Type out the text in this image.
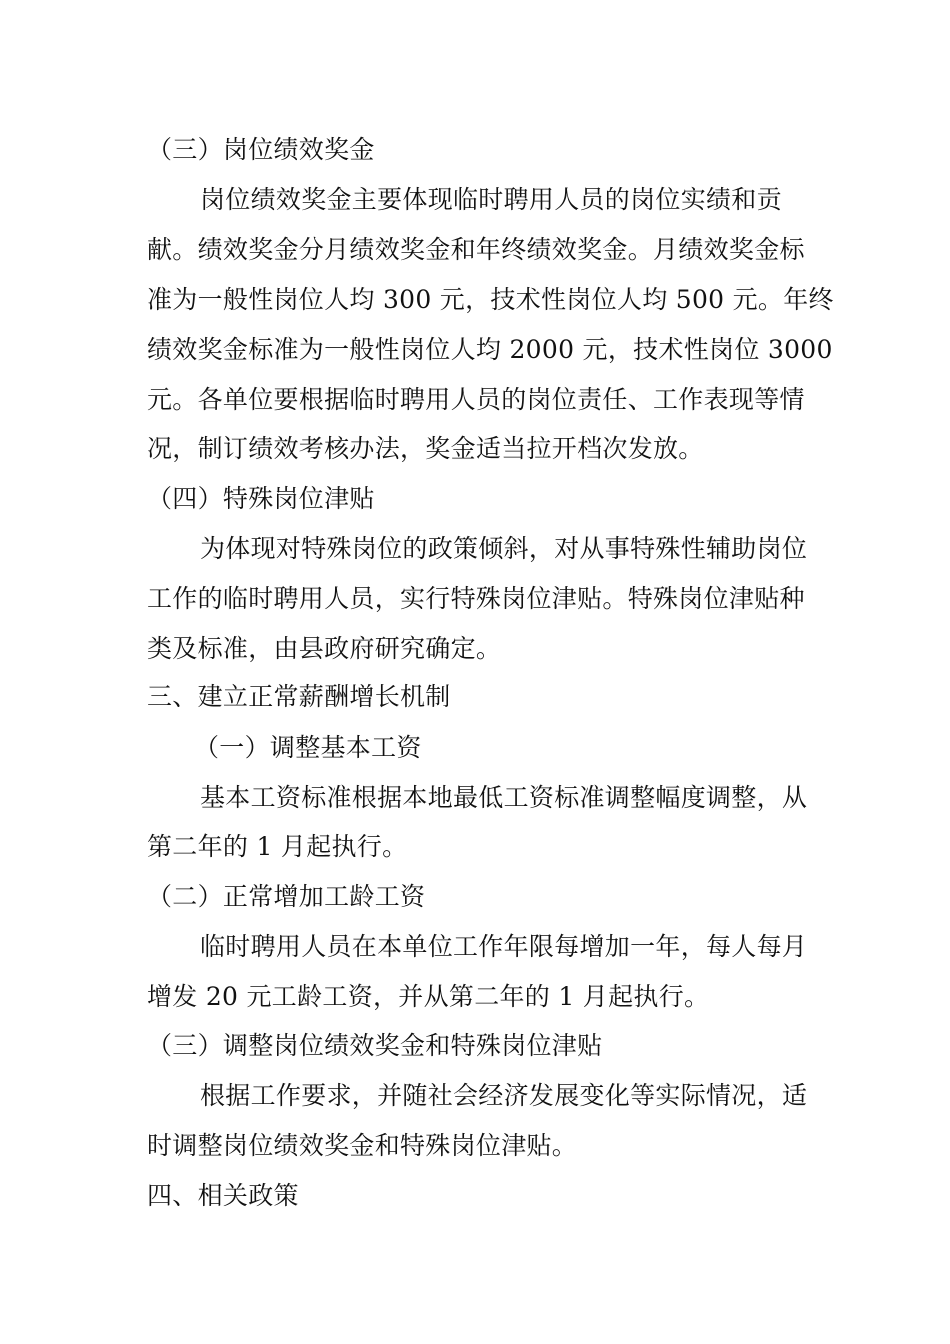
（三）岗位绩效奖金
岗位绩效奖金主要体现临时聘用人员的岗位实绩和贡
献。绩效奖金分月绩效奖金和年终绩效奖金。月绩效奖金标
准为一般性岗位人均 300 元，技术性岗位人均 500 元。年终
绩效奖金标准为一般性岗位人均 2000 元，技术性岗位 3000
元。各单位要根据临时聘用人员的岗位责任、工作表现等情
况，制订绩效考核办法，奖金适当拉开档次发放。
（四）特殊岗位津贴
为体现对特殊岗位的政策倾斜，对从事特殊性辅助岗位
工作的临时聘用人员，实行特殊岗位津贴。特殊岗位津贴种
类及标准，由县政府研究确定。
三、建立正常薪酬增长机制
（一）调整基本工资
基本工资标准根据本地最低工资标准调整幅度调整，从
第二年的 1 月起执行。
（二）正常增加工龄工资
临时聘用人员在本单位工作年限每增加一年，每人每月
增发 20 元工龄工资，并从第二年的 1 月起执行。
（三）调整岗位绩效奖金和特殊岗位津贴
根据工作要求，并随社会经济发展变化等实际情况，适
时调整岗位绩效奖金和特殊岗位津贴。
四、相关政策
